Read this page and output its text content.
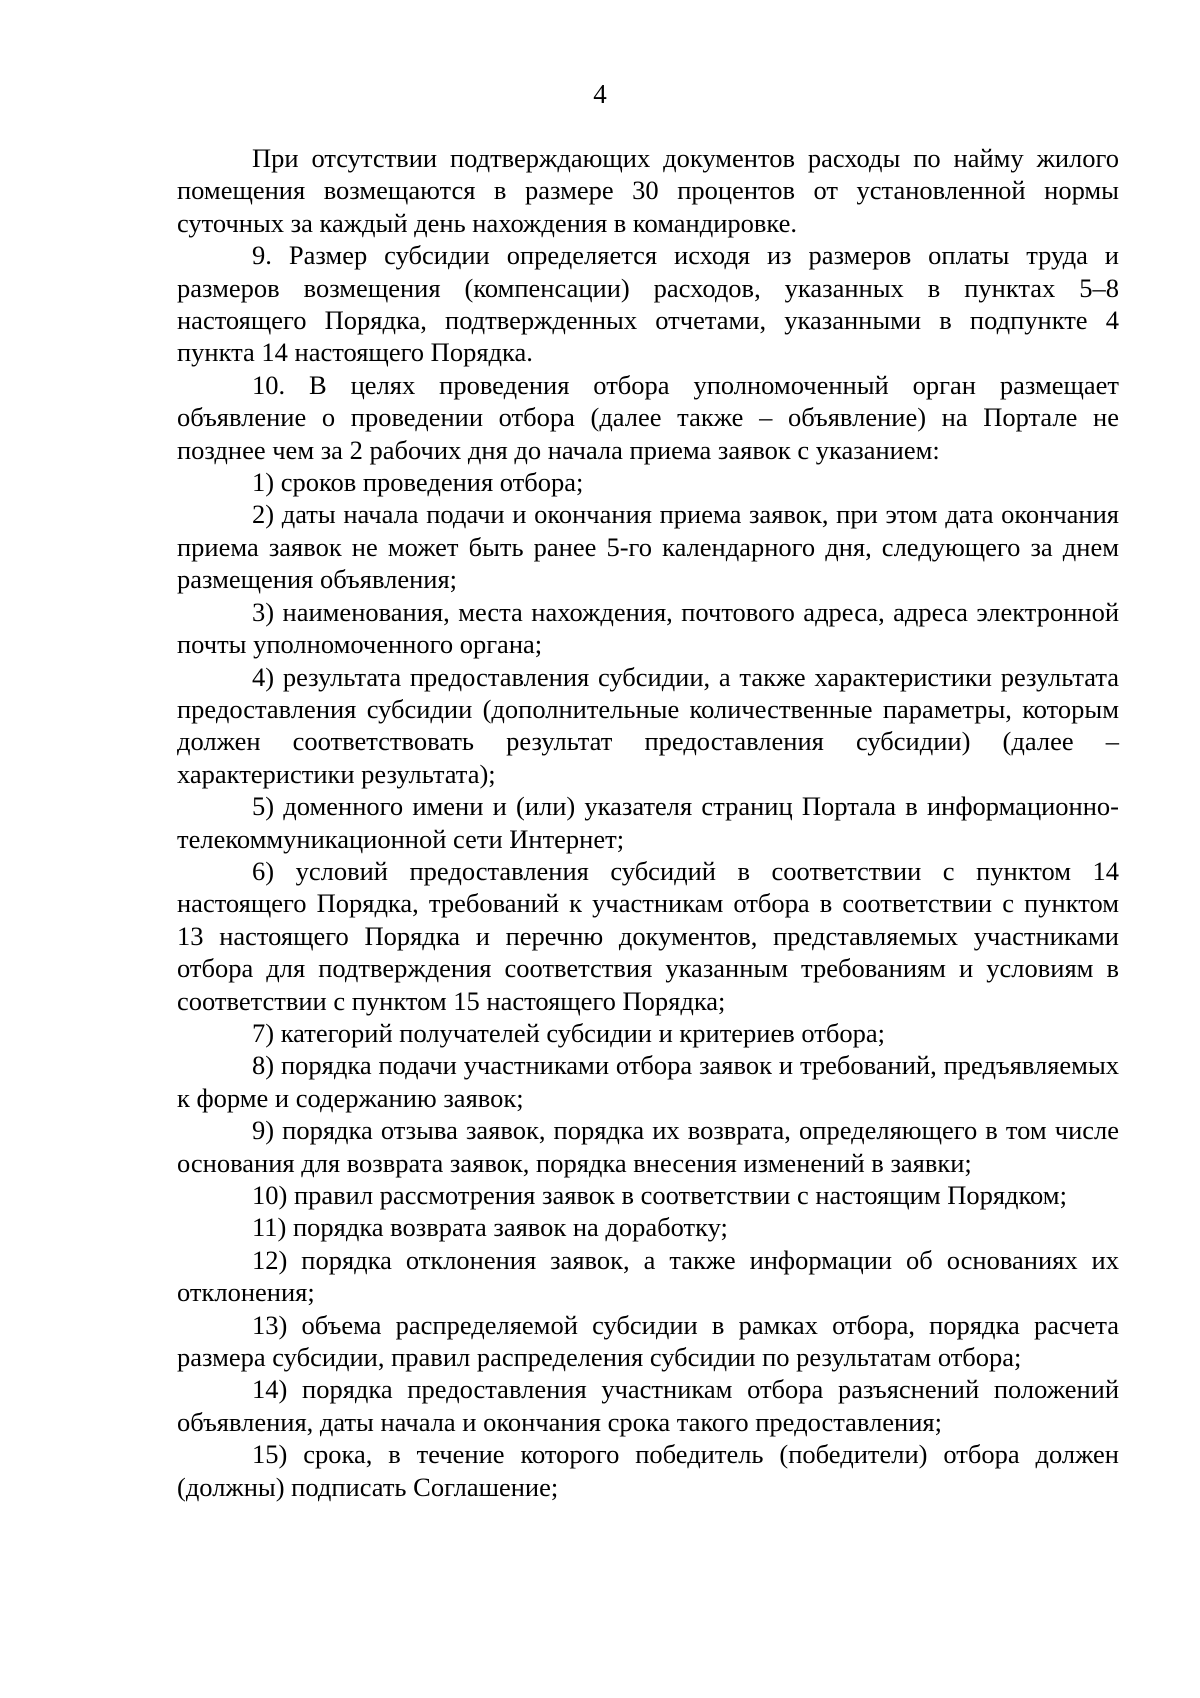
4

При отсутствии подтверждающих документов расходы по найму жилого помещения возмещаются в размере 30 процентов от установленной нормы суточных за каждый день нахождения в командировке.

9. Размер субсидии определяется исходя из размеров оплаты труда и размеров возмещения (компенсации) расходов, указанных в пунктах 5–8 настоящего Порядка, подтвержденных отчетами, указанными в подпункте 4 пункта 14 настоящего Порядка.

10. В целях проведения отбора уполномоченный орган размещает объявление о проведении отбора (далее также – объявление) на Портале не позднее чем за 2 рабочих дня до начала приема заявок с указанием:

1) сроков проведения отбора;

2) даты начала подачи и окончания приема заявок, при этом дата окончания приема заявок не может быть ранее 5-го календарного дня, следующего за днем размещения объявления;

3) наименования, места нахождения, почтового адреса, адреса электронной почты уполномоченного органа;

4) результата предоставления субсидии, а также характеристики результата предоставления субсидии (дополнительные количественные параметры, которым должен соответствовать результат предоставления субсидии) (далее – характеристики результата);

5) доменного имени и (или) указателя страниц Портала в информационно-телекоммуникационной сети Интернет;

6) условий предоставления субсидий в соответствии с пунктом 14 настоящего Порядка, требований к участникам отбора в соответствии с пунктом 13 настоящего Порядка и перечню документов, представляемых участниками отбора для подтверждения соответствия указанным требованиям и условиям в соответствии с пунктом 15 настоящего Порядка;

7) категорий получателей субсидии и критериев отбора;

8) порядка подачи участниками отбора заявок и требований, предъявляемых к форме и содержанию заявок;

9) порядка отзыва заявок, порядка их возврата, определяющего в том числе основания для возврата заявок, порядка внесения изменений в заявки;

10) правил рассмотрения заявок в соответствии с настоящим Порядком;

11) порядка возврата заявок на доработку;

12) порядка отклонения заявок, а также информации об основаниях их отклонения;

13) объема распределяемой субсидии в рамках отбора, порядка расчета размера субсидии, правил распределения субсидии по результатам отбора;

14) порядка предоставления участникам отбора разъяснений положений объявления, даты начала и окончания срока такого предоставления;

15) срока, в течение которого победитель (победители) отбора должен (должны) подписать Соглашение;
